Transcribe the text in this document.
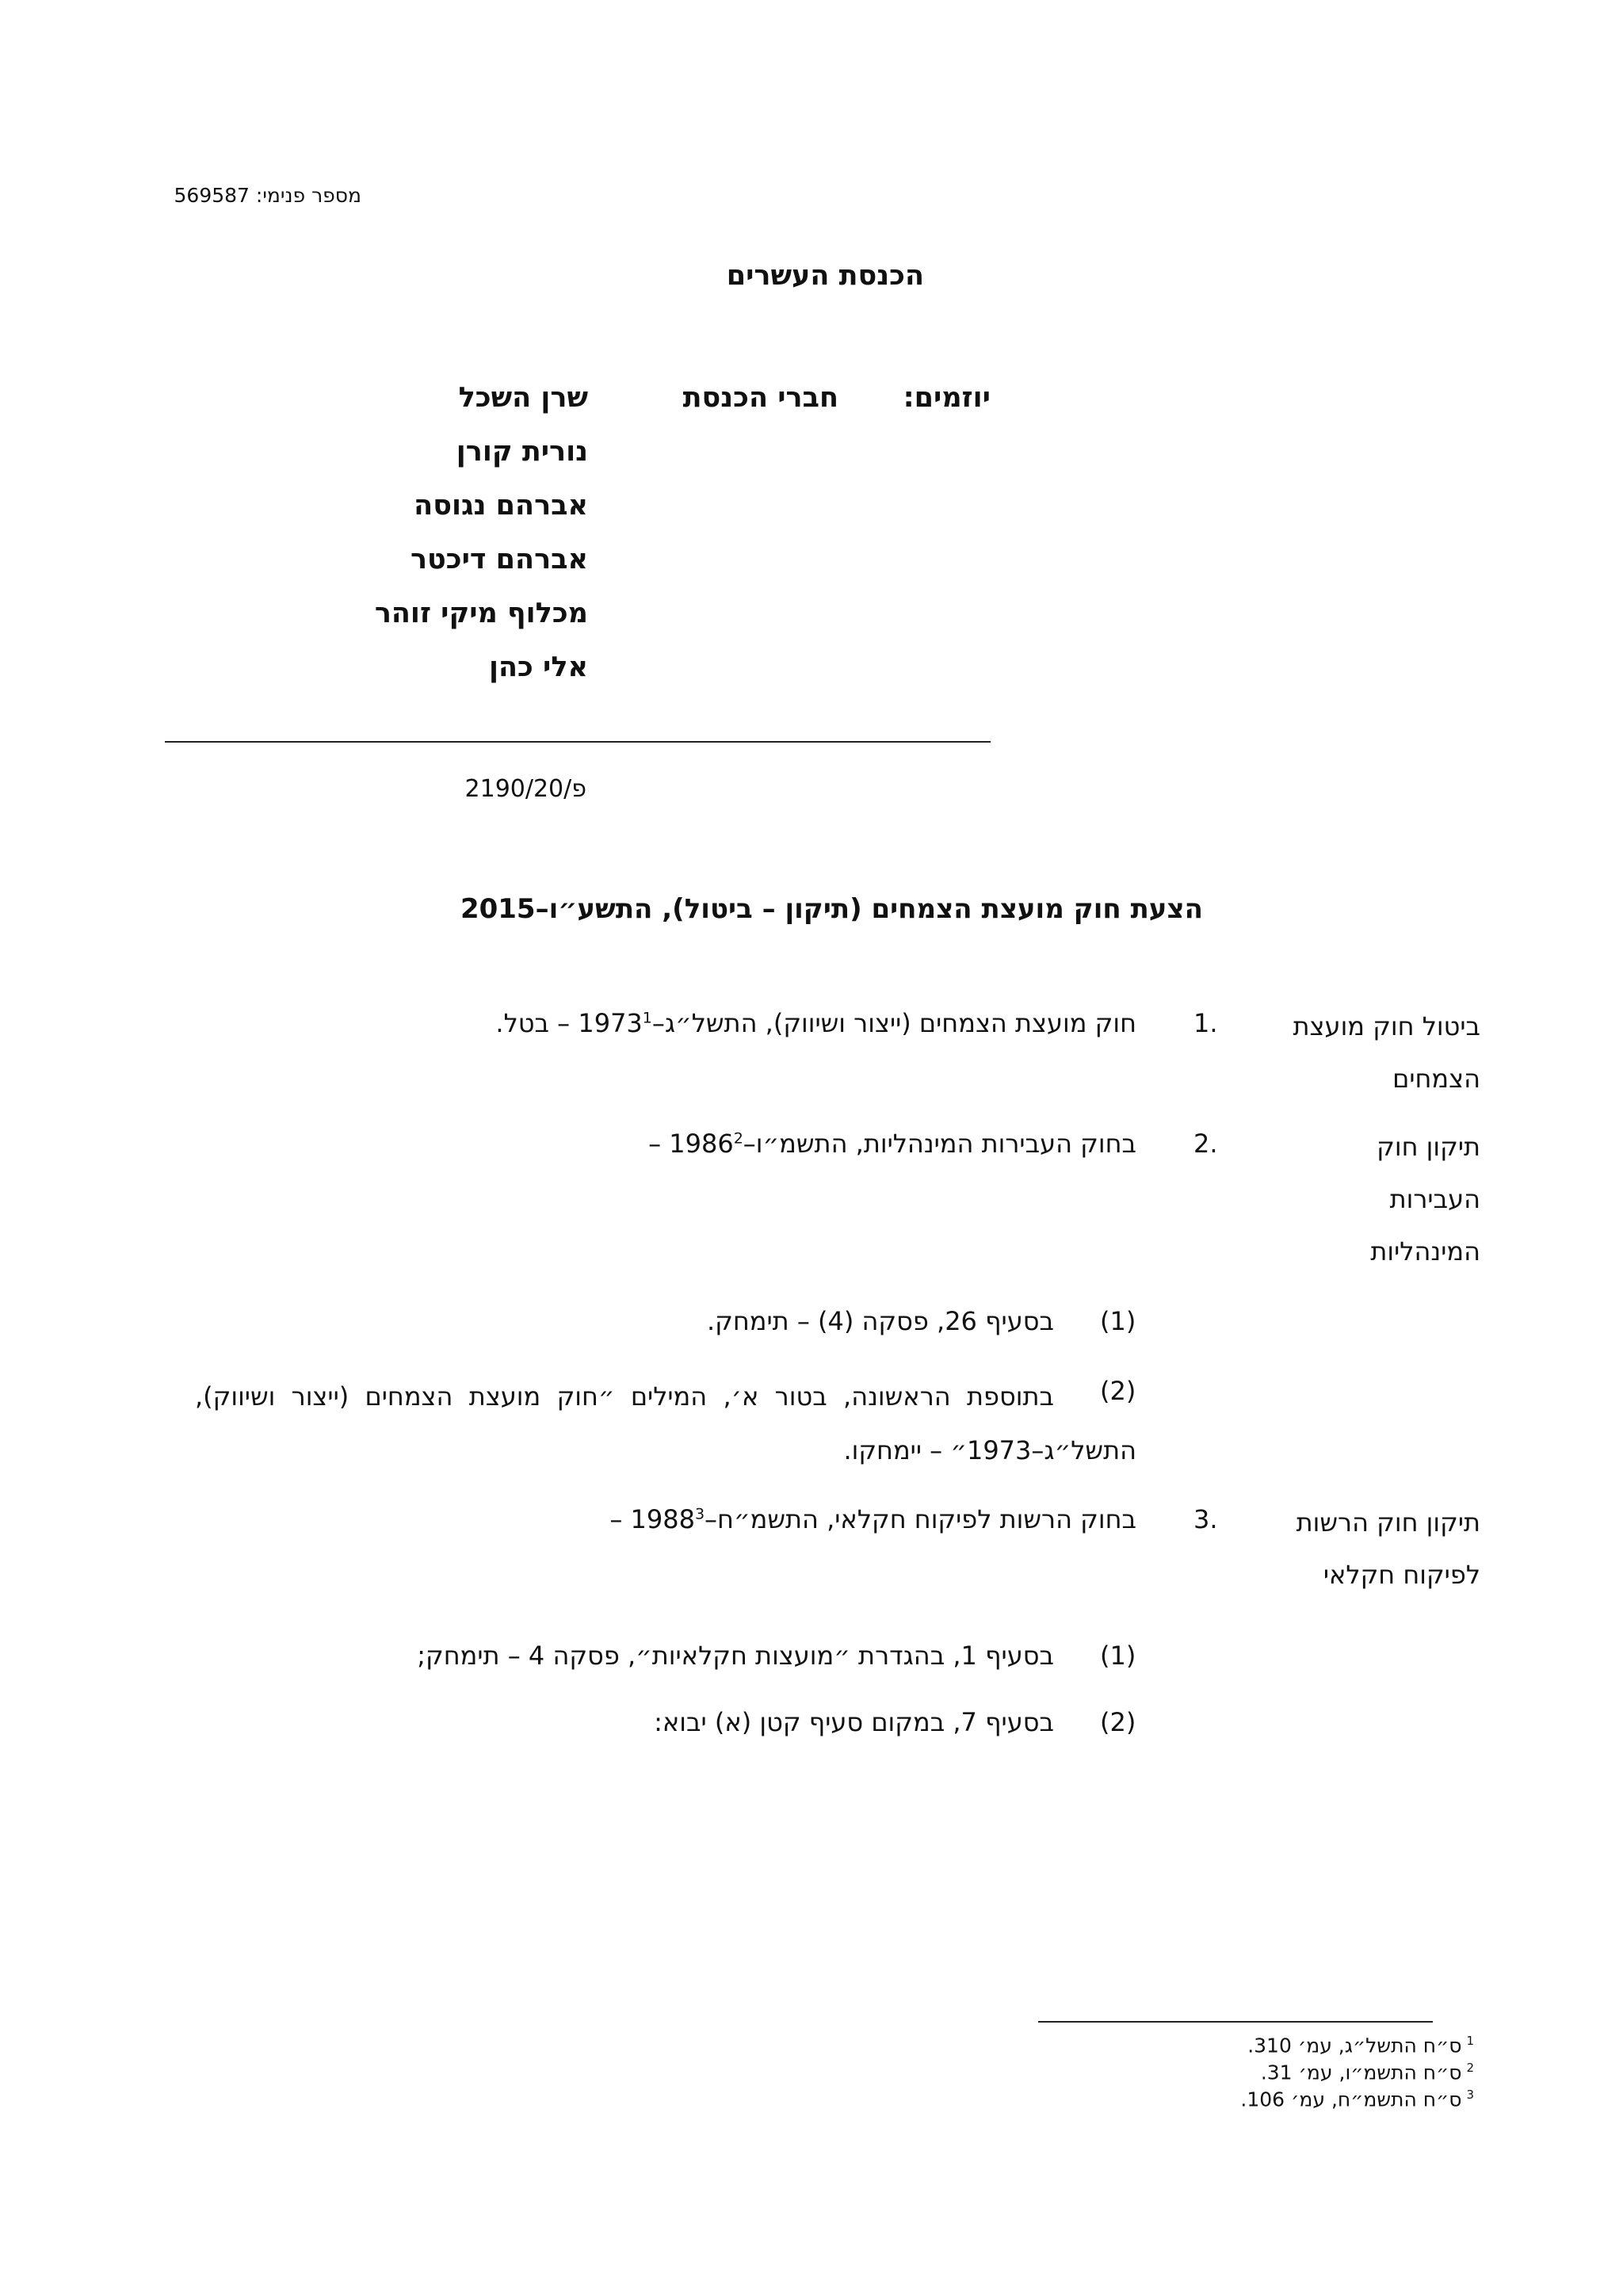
מספר פנימי: 569587
הכנסת העשרים
יוזמים:
חברי הכנסת
שרן השכל
נורית קורן
אברהם נגוסה
אברהם דיכטר
מכלוף מיקי זוהר
אלי כהן
פ/2190/20
הצעת חוק מועצת הצמחים (תיקון – ביטול), התשע״ו–2015
1.	ביטול חוק מועצת הצמחים
חוק מועצת הצמחים (ייצור ושיווק), התשל״ג–1973$^1$ – בטל.
2.	תיקון חוק העבירות המינהליות
בחוק העבירות המינהליות, התשמ״ו–1986$^2$ –
(1)
בסעיף 26, פסקה (4) – תימחק.
(2)
בתוספת הראשונה, בטור א׳, המילים ״חוק מועצת הצמחים (ייצור ושיווק), התשל״ג–1973״ – יימחקו.
3.	תיקון חוק הרשות לפיקוח חקלאי
בחוק הרשות לפיקוח חקלאי, התשמ״ח–1988$^3$ –
(1)
בסעיף 1, בהגדרת ״מועצות חקלאיות״, פסקה 4 – תימחק;
(2)
בסעיף 7, במקום סעיף קטן (א) יבוא:
$^1$ס״ח התשל״ג, עמ׳ 310.
$^2$ס״ח התשמ״ו, עמ׳ 31.
$^3$ס״ח התשמ״ח, עמ׳ 106.
